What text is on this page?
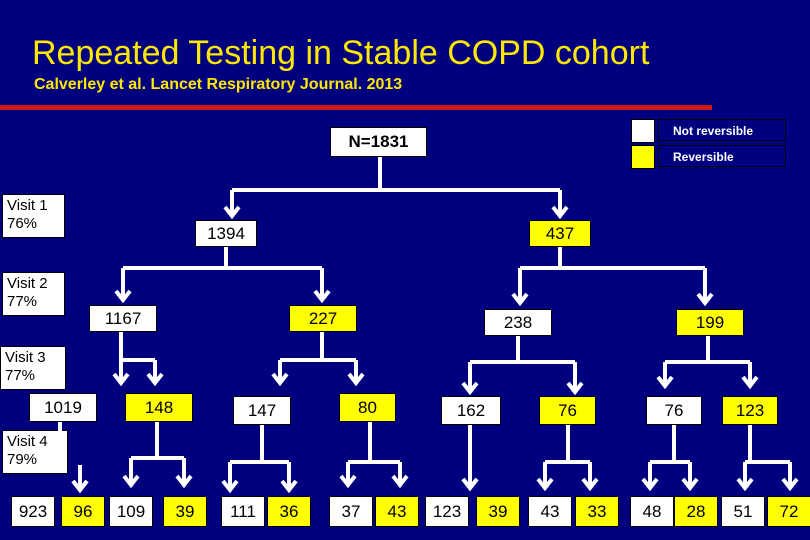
Repeated Testing in Stable COPD cohort
Calverley et al. Lancet Respiratory Journal. 2013
Not reversible
Reversible
Visit 1
76%
Visit 2
77%
Visit 3
77%
Visit 4
79%
N=1831
1394	437
1167	227	238	199
1019	148	147	80	162	76	76	123
923	96	109	39	111	36	37	43	123	39	43	33	48	28	51	72
